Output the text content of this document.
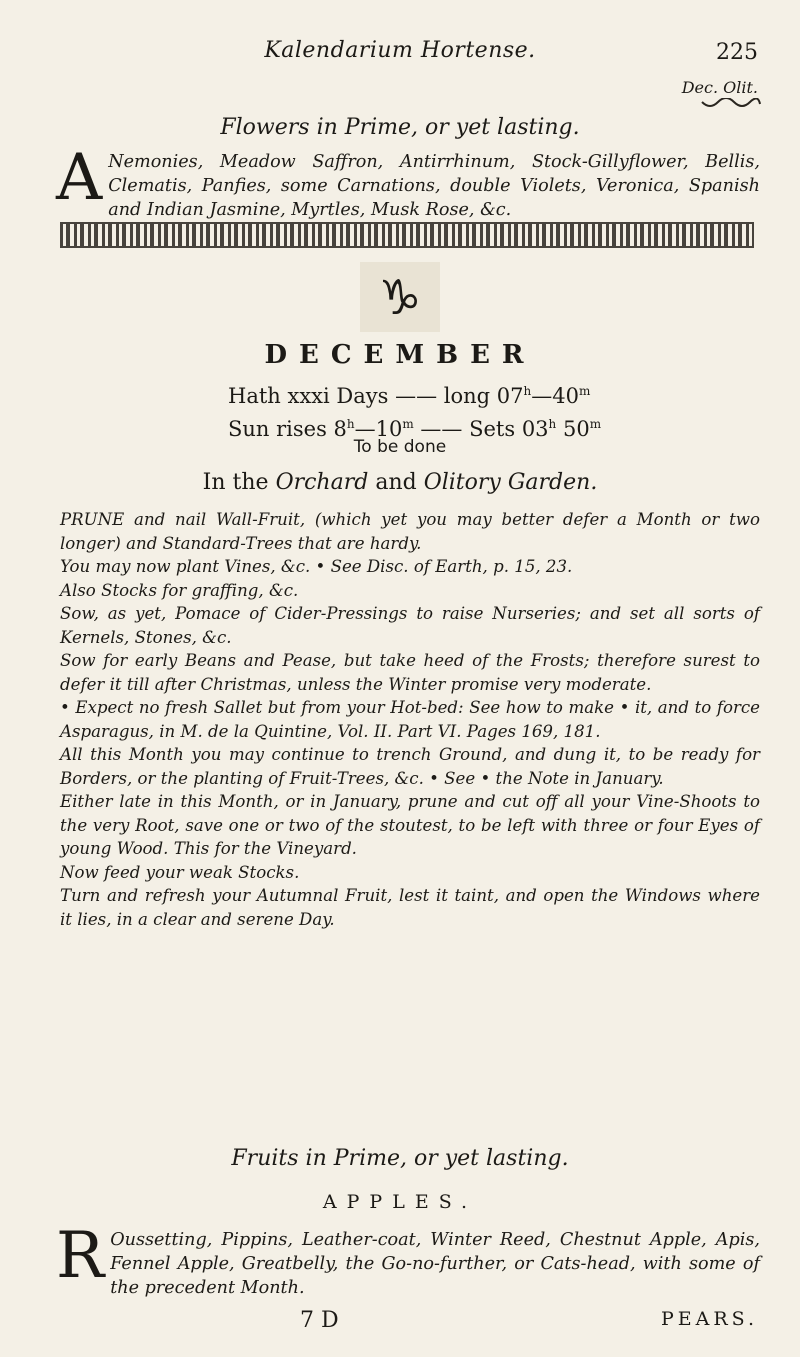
Kalendarium Hortense.	225
Dec. Olit.
Flowers in Prime, or yet lasting.
A Nemonies, Meadow Saffron, Antirrhinum, Stock-Gillyflower, Bellis, Clematis, Panfies, some Carnations, double Violets, Veronica, Spanish and Indian Jasmine, Myrtles, Musk Rose, &c.
♑
DECEMBER
Hath xxxi Days —— long 07$^h$—40$^m$
Sun rises 8$^h$—10$^m$ —— Sets 03$^h$ 50$^m$
To be done
In the Orchard and Olitory Garden.
PRUNE and nail Wall-Fruit, (which yet you may better defer a Month or two longer) and Standard-Trees that are hardy.
You may now plant Vines, &c. • See Disc. of Earth, p. 15, 23.
Also Stocks for graffing, &c.
Sow, as yet, Pomace of Cider-Pressings to raise Nurseries; and set all sorts of Kernels, Stones, &c.
Sow for early Beans and Pease, but take heed of the Frosts; therefore surest to defer it till after Christmas, unless the Winter promise very moderate.
• Expect no fresh Sallet but from your Hot-bed: See how to make • it, and to force Asparagus, in M. de la Quintine, Vol. II. Part VI. Pages 169, 181.
All this Month you may continue to trench Ground, and dung it, to be ready for Borders, or the planting of Fruit-Trees, &c. • See • the Note in January.
Either late in this Month, or in January, prune and cut off all your Vine-Shoots to the very Root, save one or two of the stoutest, to be left with three or four Eyes of young Wood. This for the Vineyard.
Now feed your weak Stocks.
Turn and refresh your Autumnal Fruit, lest it taint, and open the Windows where it lies, in a clear and serene Day.
Fruits in Prime, or yet lasting.
APPLES.
R Oussetting, Pippins, Leather-coat, Winter Reed, Chestnut Apple, Apis, Fennel Apple, Greatbelly, the Go-no-further, or Cats-head, with some of the precedent Month.
7 D	PEARS.
